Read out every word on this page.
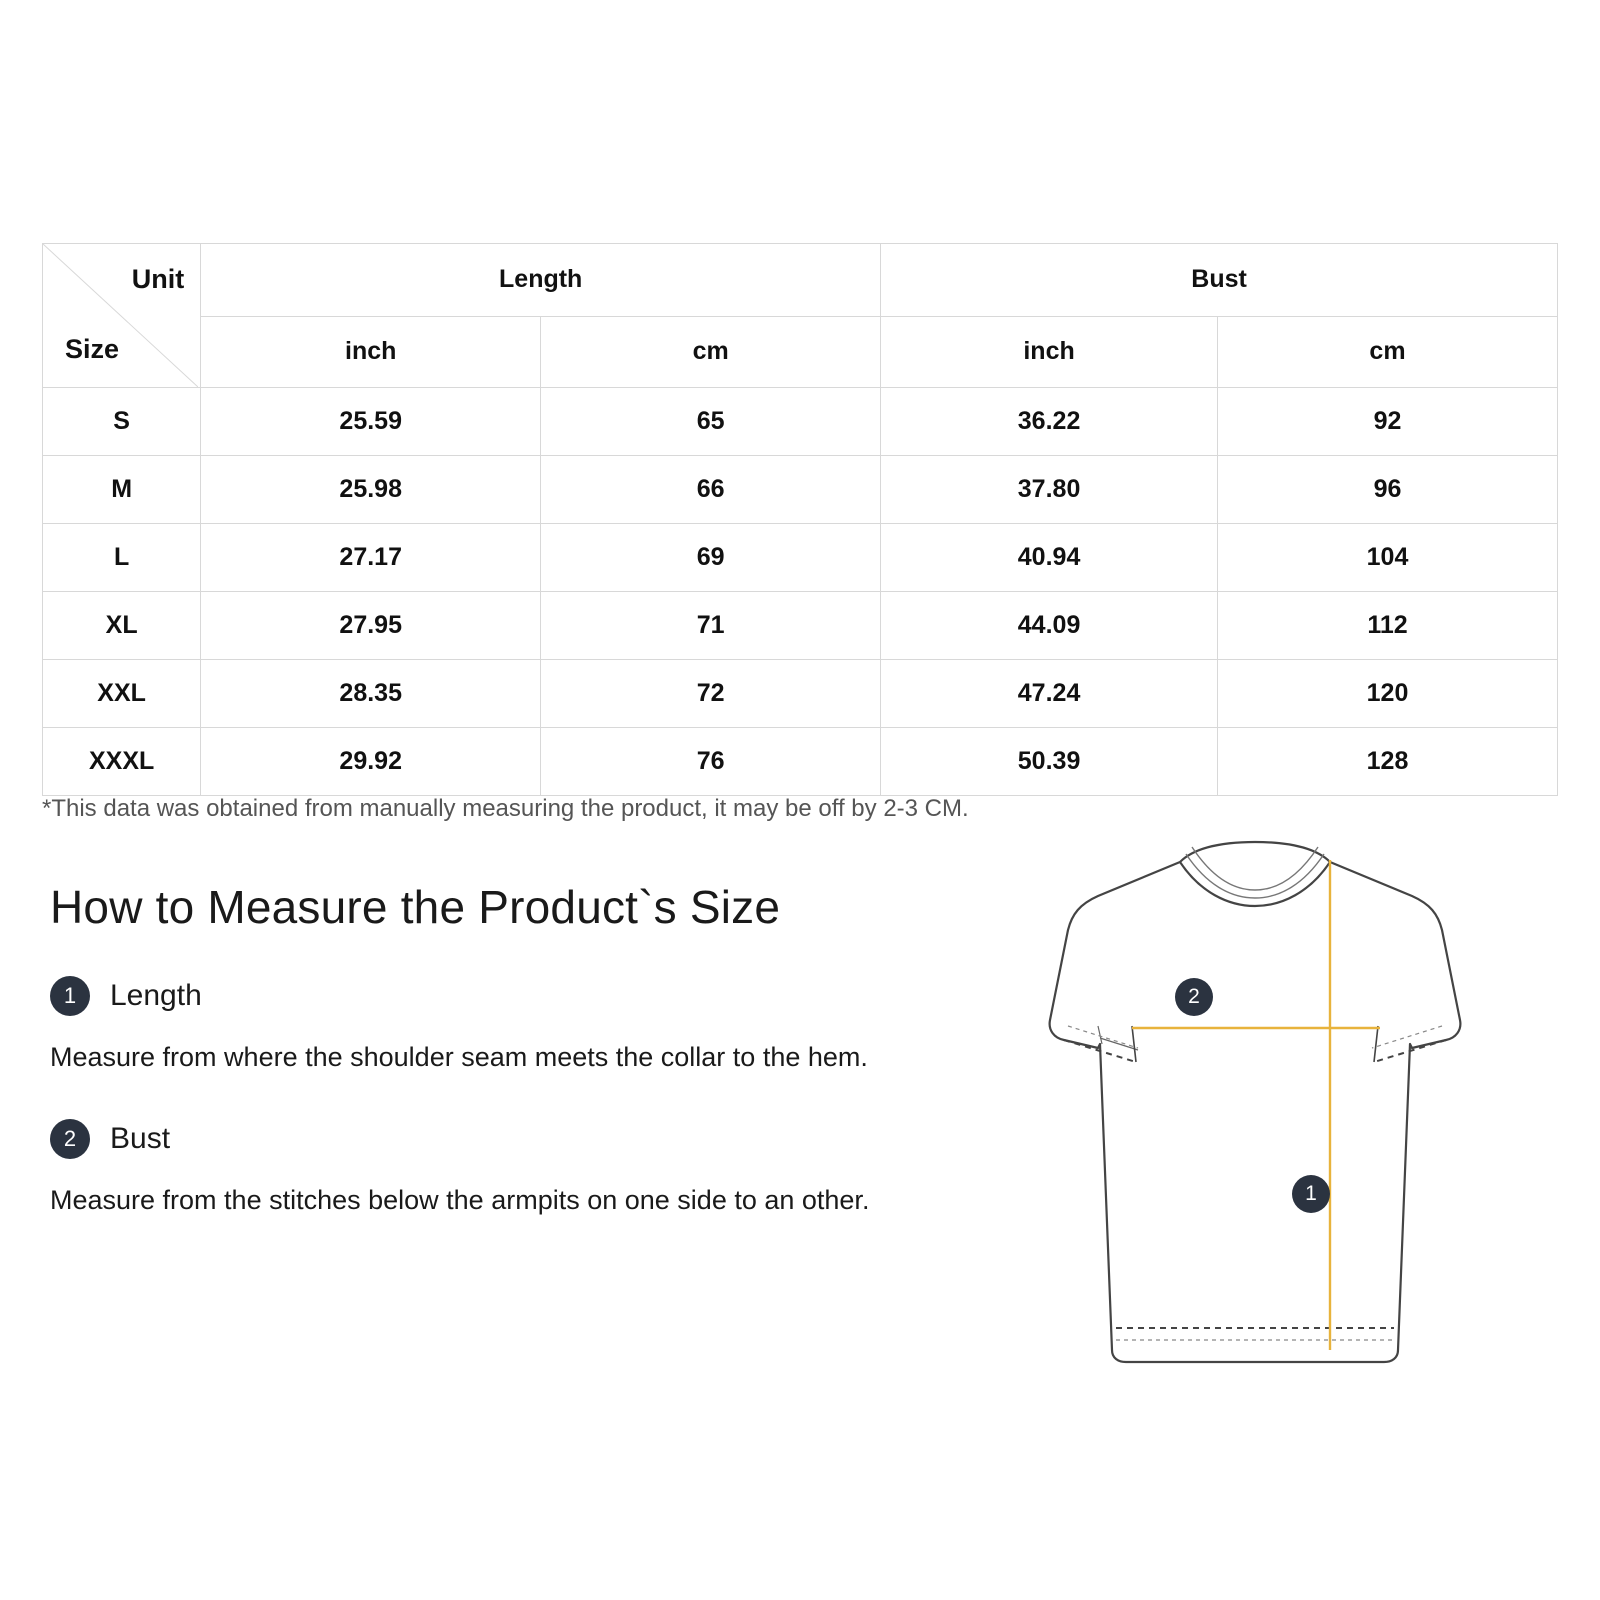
Unit
Size	Length		Bust	
	inch	cm	inch	cm
S	25.59	65	36.22	92
M	25.98	66	37.80	96
L	27.17	69	40.94	104
XL	27.95	71	44.09	112
XXL	28.35	72	47.24	120
XXXL	29.92	76	50.39	128
*This data was obtained from manually measuring the product, it may be off by 2-3 CM.
How to Measure the Product`s Size
1	Length
Measure from where the shoulder seam meets the collar to the hem.
2	Bust
Measure from the stitches below the armpits on one side to an other.
2
1
